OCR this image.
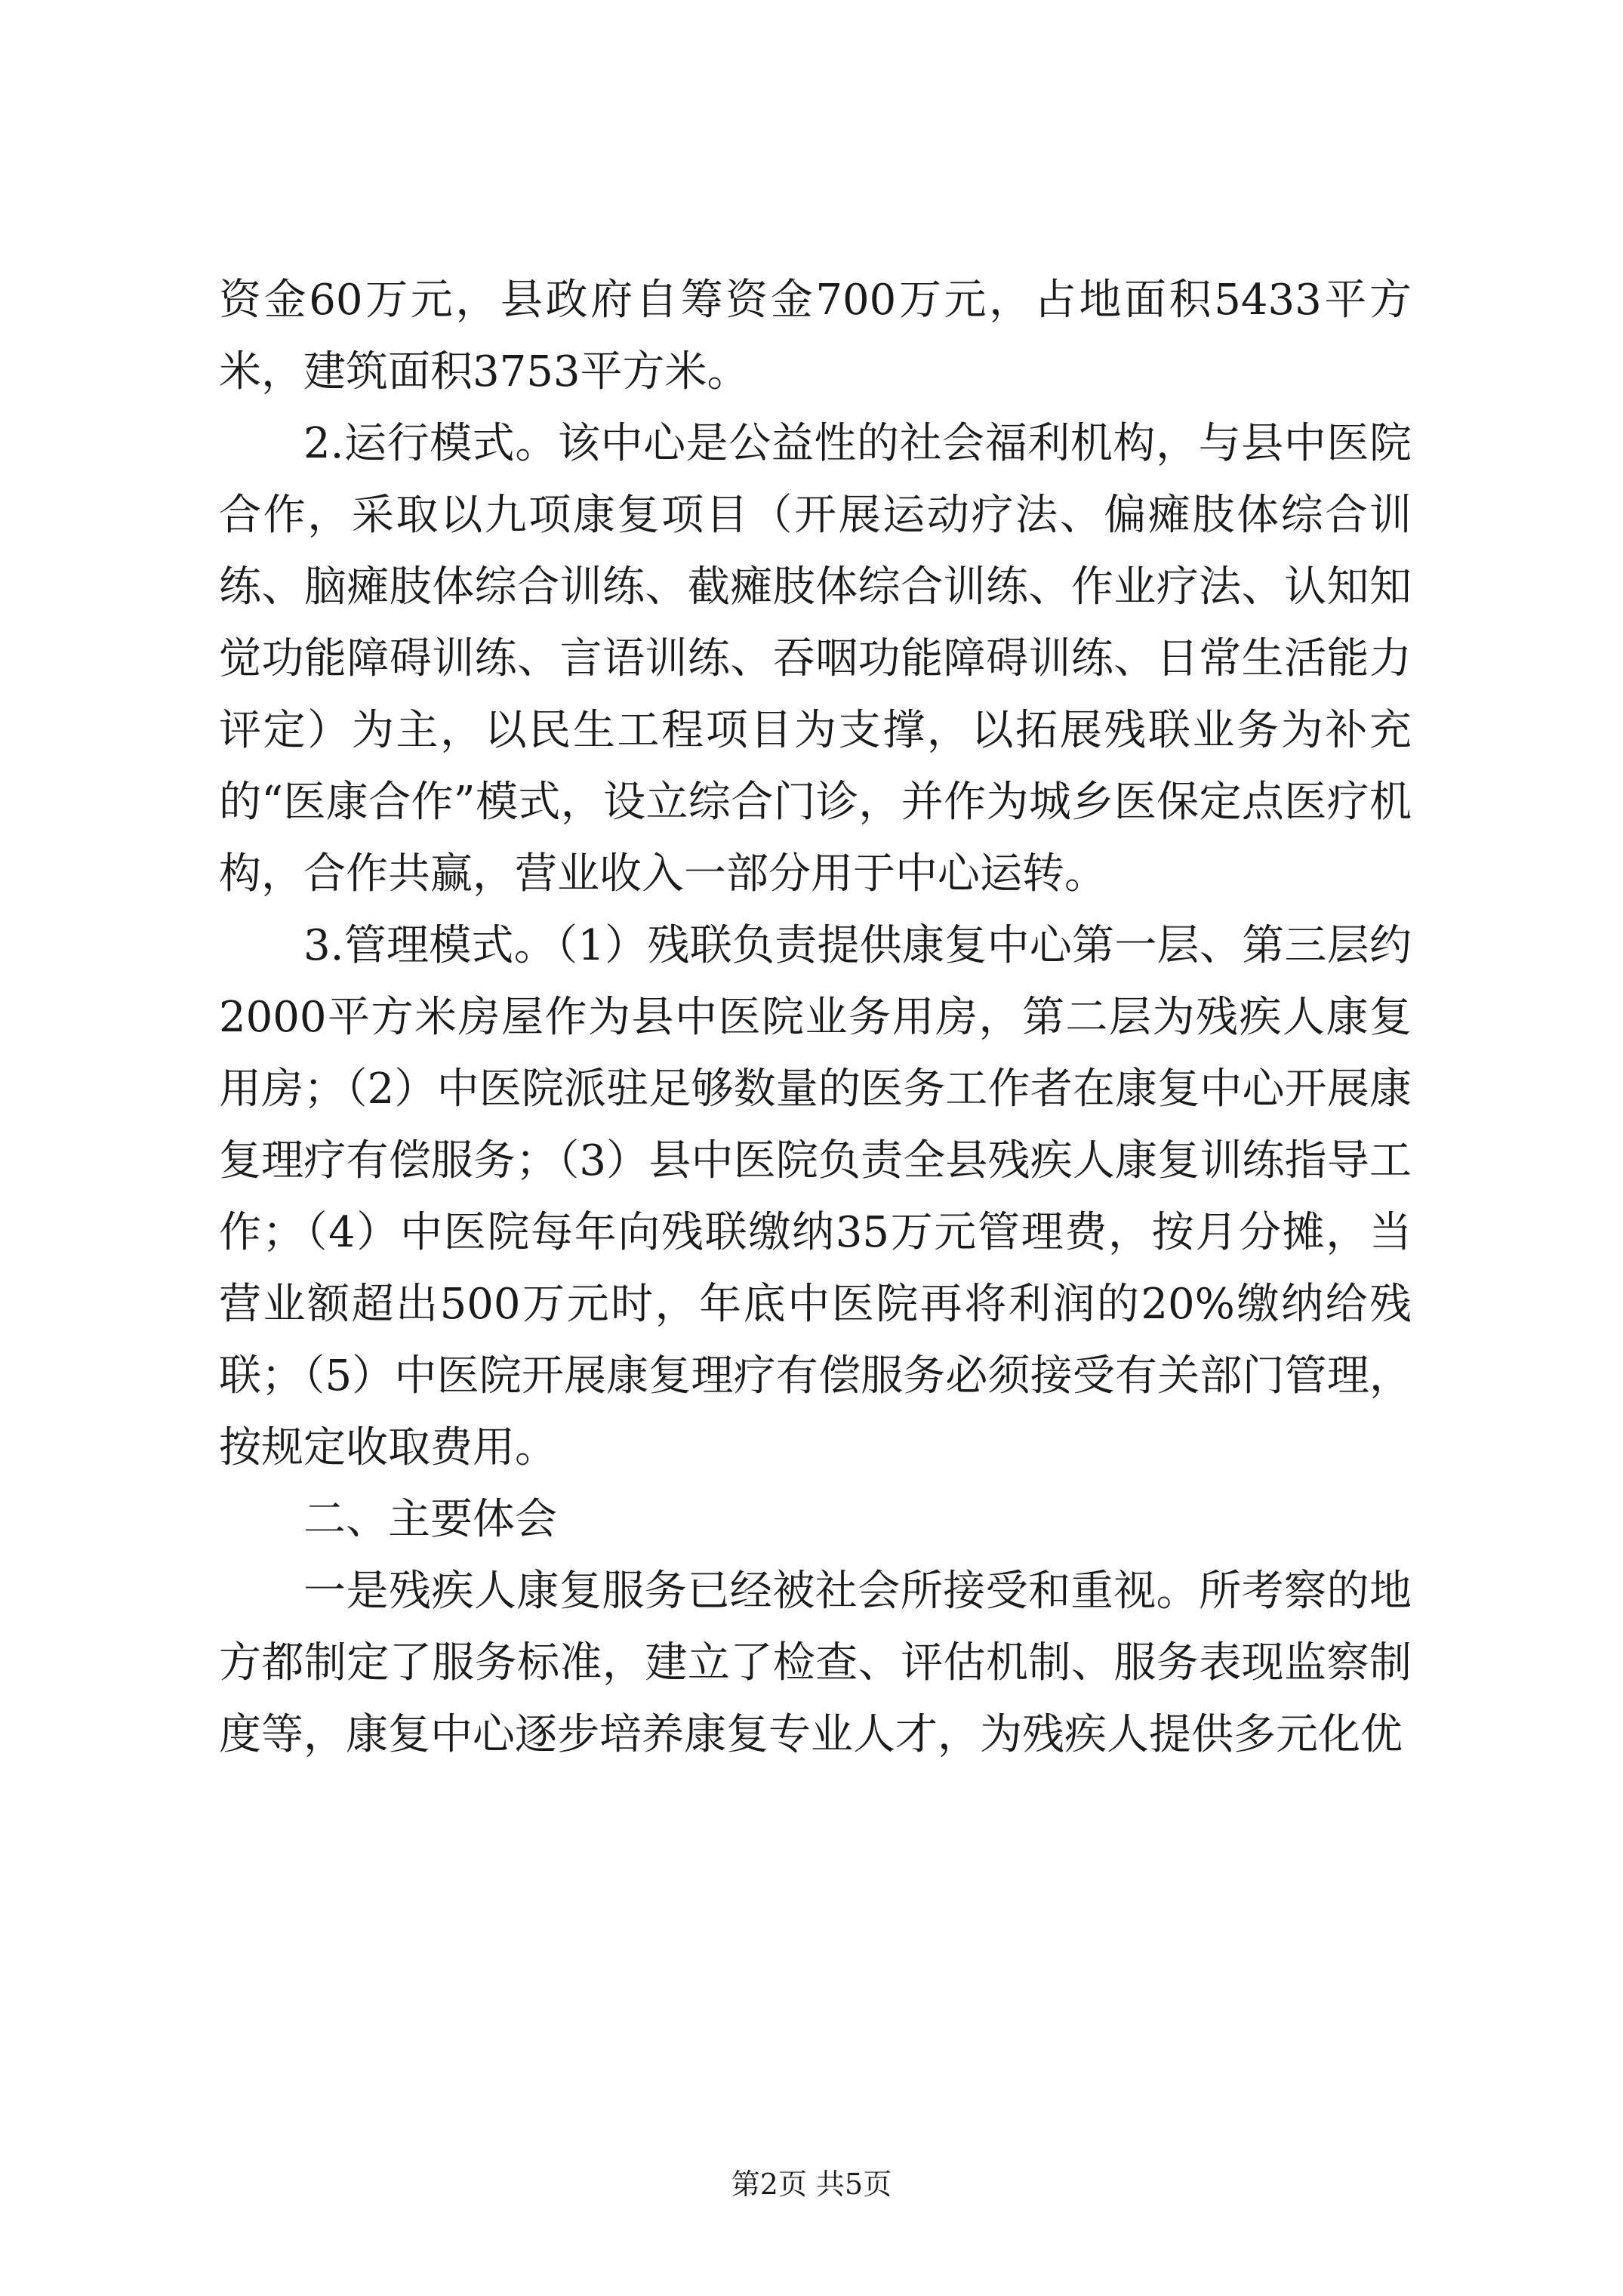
资金60万元，县政府自筹资金700万元，占地面积5433平方米，建筑面积3753平方米。

2.运行模式。该中心是公益性的社会福利机构，与县中医院合作，采取以九项康复项目（开展运动疗法、偏瘫肢体综合训练、脑瘫肢体综合训练、截瘫肢体综合训练、作业疗法、认知知觉功能障碍训练、言语训练、吞咽功能障碍训练、日常生活能力评定）为主，以民生工程项目为支撑，以拓展残联业务为补充的“医康合作”模式，设立综合门诊，并作为城乡医保定点医疗机构，合作共赢，营业收入一部分用于中心运转。

3.管理模式。（1）残联负责提供康复中心第一层、第三层约2000平方米房屋作为县中医院业务用房，第二层为残疾人康复用房；（2）中医院派驻足够数量的医务工作者在康复中心开展康复理疗有偿服务；（3）县中医院负责全县残疾人康复训练指导工作；（4）中医院每年向残联缴纳35万元管理费，按月分摊，当营业额超出500万元时，年底中医院再将利润的20%缴纳给残联；（5）中医院开展康复理疗有偿服务必须接受有关部门管理，按规定收取费用。

二、主要体会

一是残疾人康复服务已经被社会所接受和重视。所考察的地方都制定了服务标准，建立了检查、评估机制、服务表现监察制度等，康复中心逐步培养康复专业人才，为残疾人提供多元化优

第2页 共5页
